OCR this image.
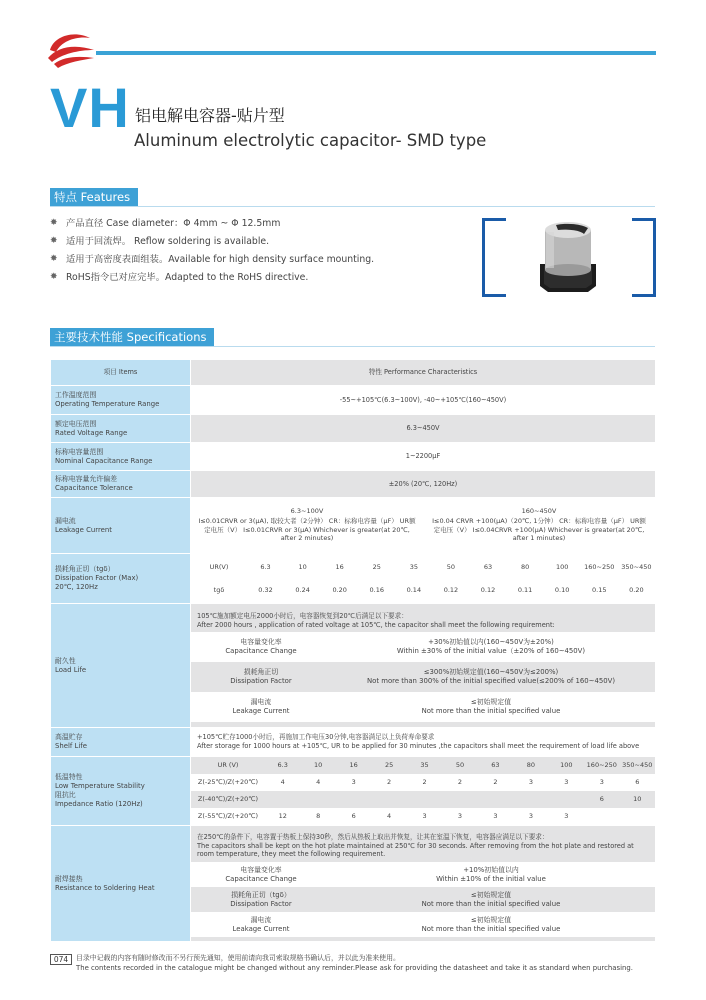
VH 铝电解电容器-贴片型
Aluminum electrolytic capacitor- SMD type
特点 Features
✸ 产品直径 Case diameter：Φ 4mm ~ Φ 12.5mm
✸ 适用于回流焊。 Reflow soldering is available.
✸ 适用于高密度表面组装。Available for high density surface mounting.
✸ RoHS指令已对应完毕。Adapted to the RoHS directive.
主要技术性能 Specifications
项目 Items	特性 Performance Characteristics

工作温度范围
Operating Temperature Range
	-55~+105℃(6.3~100V), -40~+105℃(160~450V)

额定电压范围
Rated Voltage Range
	6.3~450V

标称电容量范围
Nominal Capacitance Range
	1~2200μF

标称电容量允许偏差
Capacitance Tolerance
	±20% (20℃, 120Hz)

漏电流
Leakage Current

6.3~100V	160~450V
I≤0.01CRVR or 3(μA), 取较大者（2分钟） CR：标称电容量（μF） UR额定电压（V） I≤0.01CRVR or 3(μA) Whichever is greater(at 20℃, after 2 minutes)	I≤0.04 CRVR +100(μA)（20℃, 1分钟） CR：标称电容量（μF） UR额定电压（V） I≤0.04CRVR +100(μA) Whichever is greater(at 20℃, after 1 minutes)

损耗角正切（tgδ）
Dissipation Factor (Max)
20℃, 120Hz

UR(V)	6.3	10	16	25	35	50	63	80	100	160~250	350~450
tgδ	0.32	0.24	0.20	0.16	0.14	0.12	0.12	0.11	0.10	0.15	0.20

耐久性
Load Life

105℃施加额定电压2000小时后，电容器恢复到20℃后满足以下要求：
After 2000 hours , application of rated voltage at 105℃, the capacitor shall meet the following requirement:
电容量变化率
Capacitance Change

+30%初始值以内(160~450V为±20%)
Within ±30% of the initial value（±20% of 160~450V)

损耗角正切
Dissipation Factor

≤300%初始规定值(160~450V为≤200%)
Not more than 300% of the initial specified value(≤200% of 160~450V)

漏电流
Leakage Current

≤初始规定值
Not more than the initial specified value

高温贮存
Shelf Life

+105℃贮存1000小时后，再施加工作电压30分钟,电容器满足以上负荷寿命要求
After storage for 1000 hours at +105℃, UR to be applied for 30 minutes ,the capacitors shall meet the requirement of load life above

低温特性
Low Temperature Stability
阻抗比
Impedance Ratio (120Hz)

UR (V)	6.3	10	16	25	35	50	63	80	100	160~250	350~450
Z(-25℃)/Z(+20℃)	4	4	3	2	2	2	2	3	3	3	6
Z(-40℃)/Z(+20℃)										6	10
Z(-55℃)/Z(+20℃)	12	8	6	4	3	3	3	3	3		

耐焊接热
Resistance to Soldering Heat

在250℃的条件下，电容置于热板上保持30秒，然后从热板上取出并恢复，让其在室温下恢复，电容器应满足以下要求：
The capacitors shall be kept on the hot plate maintained at 250℃ for 30 seconds. After removing from the hot plate and restored at room temperature, they meet the following requirement.
电容量变化率
Capacitance Change

+10%初始值以内
Within ±10% of the initial value

损耗角正切（tgδ）
Dissipation Factor

≤初始规定值
Not more than the initial specified value

漏电流
Leakage Current

≤初始规定值
Not more than the initial specified value
074	目录中记载的内容有随时修改而不另行预先通知，使用前请向我司索取规格书确认后，并以此为准来使用。
The contents recorded in the catalogue might be changed without any reminder.Please ask for providing the datasheet and take it as standard when purchasing.
